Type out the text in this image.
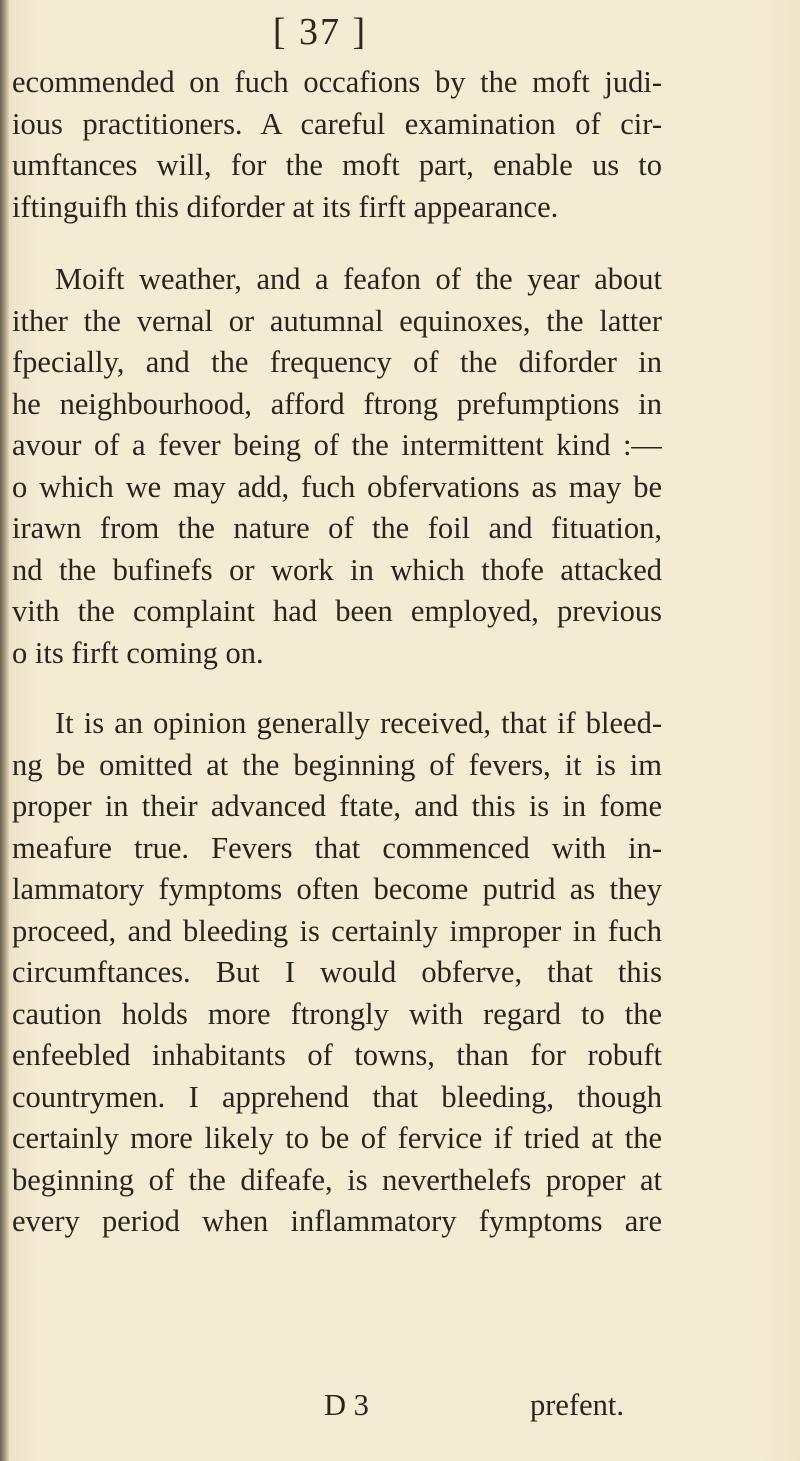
[ 37 ]
ecommended on fuch occafions by the moft judi-
ious practitioners. A careful examination of cir-
umftances will, for the moft part, enable us to
iftinguifh this diforder at its firft appearance.
Moift weather, and a feafon of the year about
ither the vernal or autumnal equinoxes, the latter
fpecially, and the frequency of the diforder in
he neighbourhood, afford ftrong prefumptions in
avour of a fever being of the intermittent kind :—
o which we may add, fuch obfervations as may be
irawn from the nature of the foil and fituation,
nd the bufinefs or work in which thofe attacked
vith the complaint had been employed, previous
o its firft coming on.
It is an opinion generally received, that if bleed-
ng be omitted at the beginning of fevers, it is im
proper in their advanced ftate, and this is in fome
meafure true. Fevers that commenced with in-
lammatory fymptoms often become putrid as they
proceed, and bleeding is certainly improper in fuch
circumftances. But I would obferve, that this
caution holds more ftrongly with regard to the
enfeebled inhabitants of towns, than for robuft
countrymen. I apprehend that bleeding, though
certainly more likely to be of fervice if tried at the
beginning of the difeafe, is neverthelefs proper at
every period when inflammatory fymptoms are
D 3	prefent.
